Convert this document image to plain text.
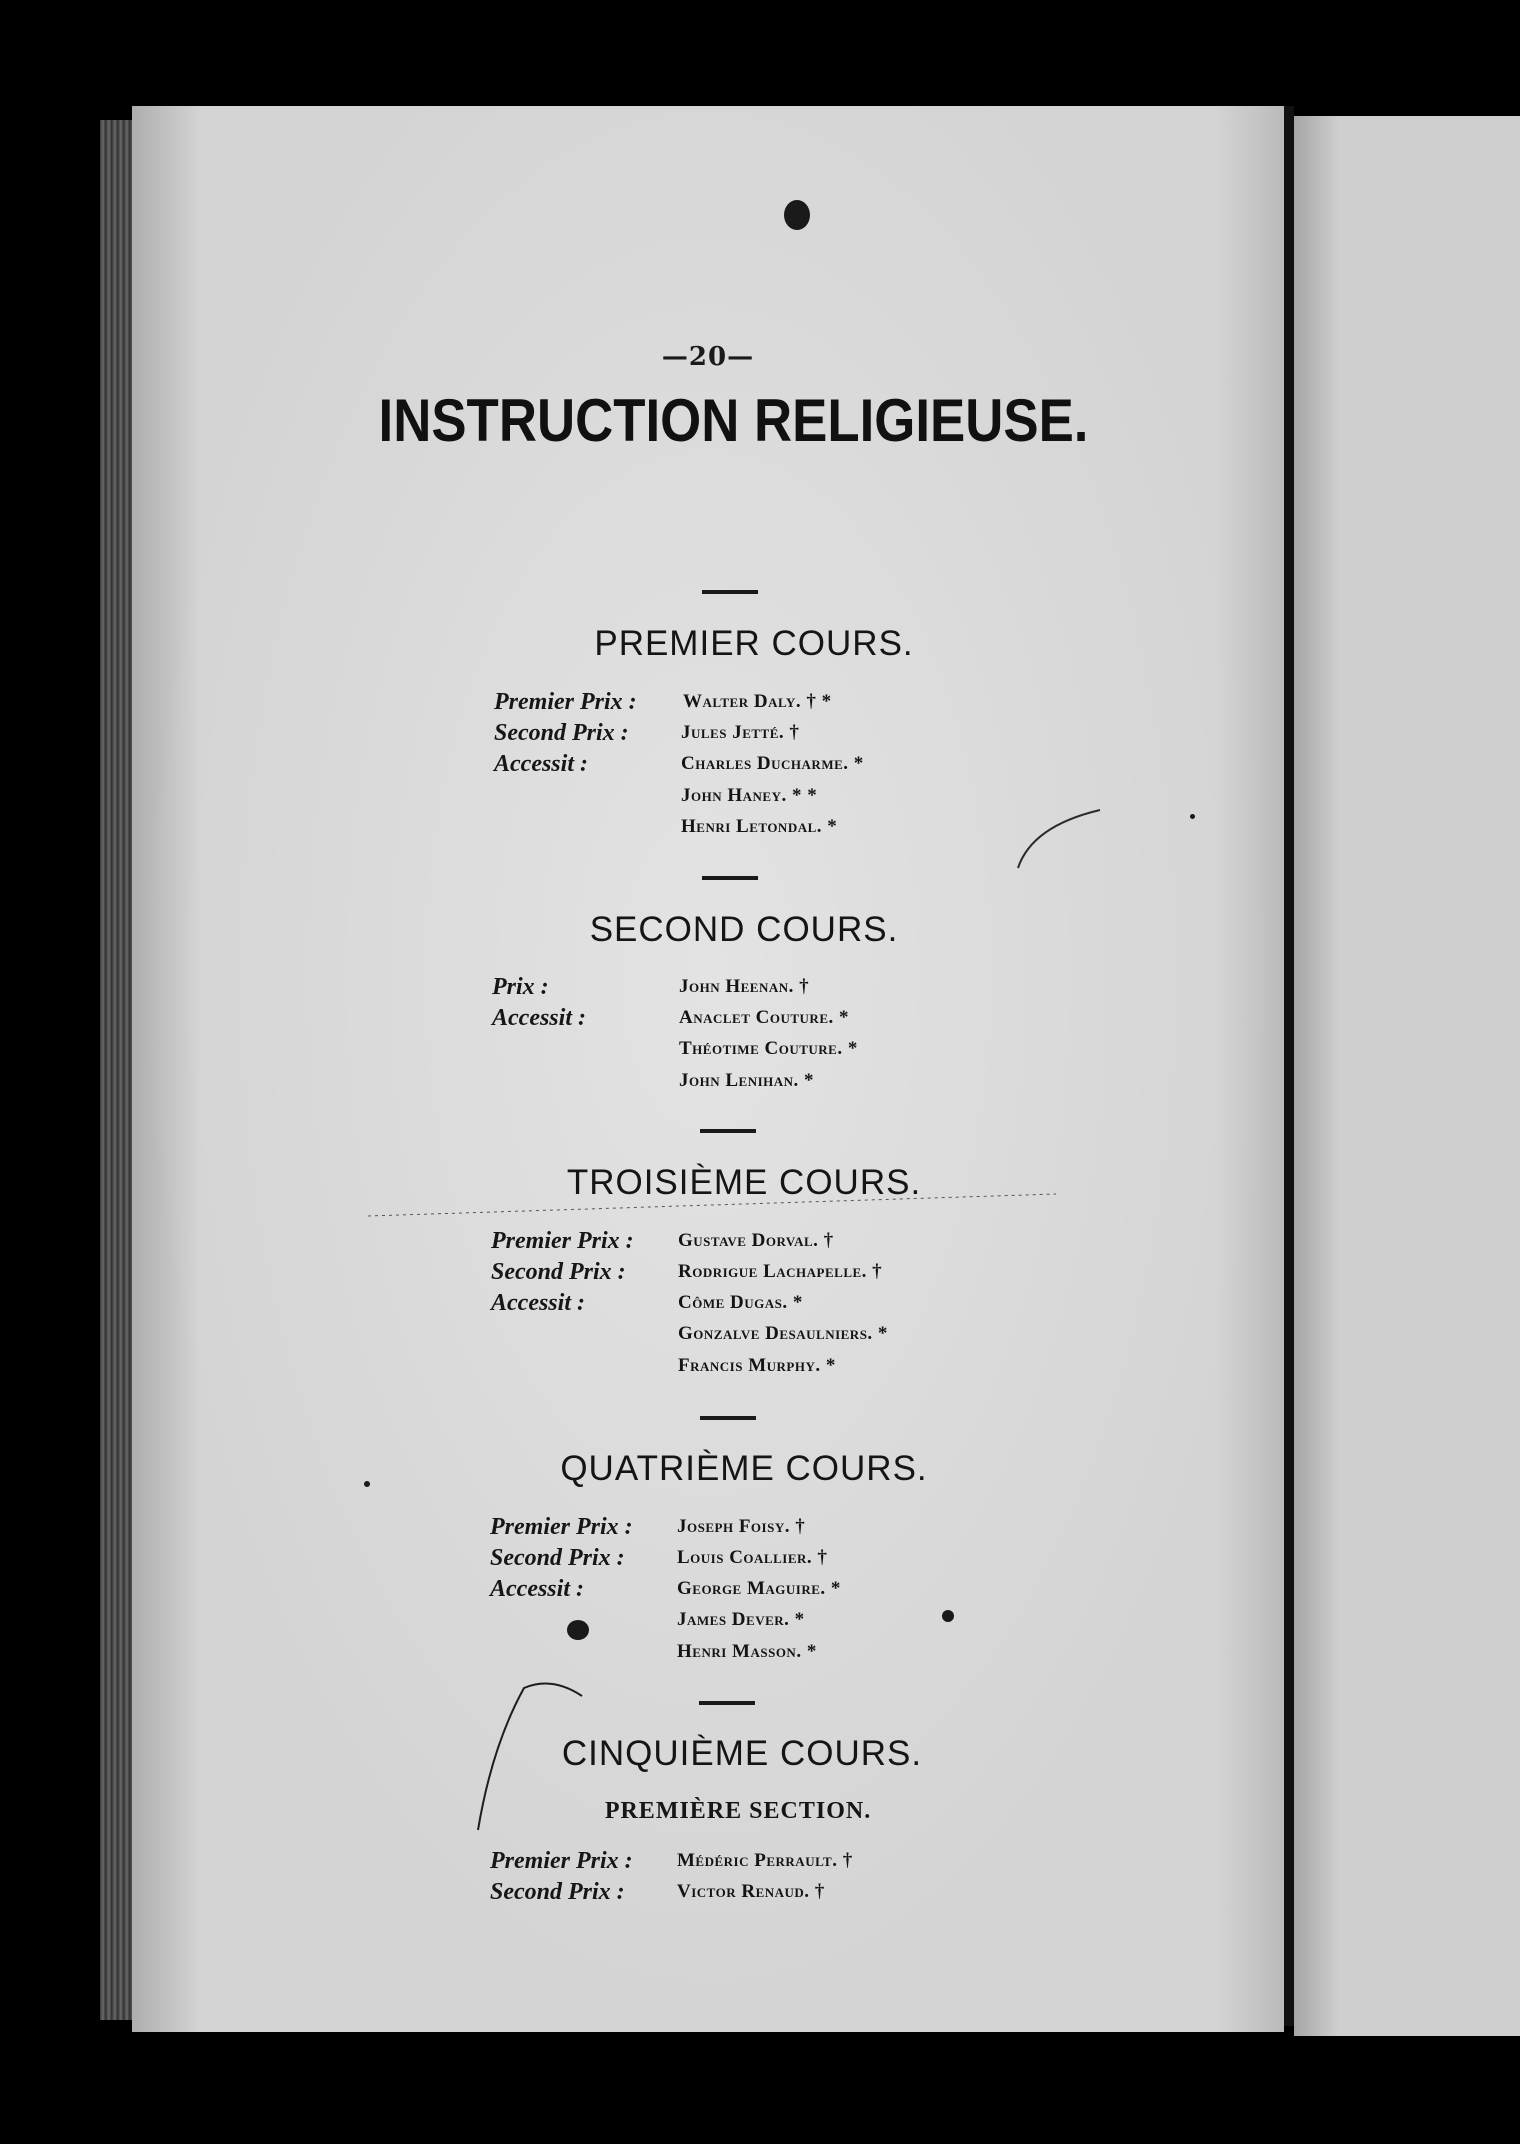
—20—
INSTRUCTION RELIGIEUSE.
PREMIER COURS.
Premier Prix : Walter Daly. † *
Second Prix :	Jules Jetté. †
Accessit :	Charles Ducharme. *
John Haney. * *
Henri Letondal. *
SECOND COURS.
Prix :	John Heenan. †
Accessit :	Anaclet Couture. *
Théotime Couture. *
John Lenihan. *
TROISIÈME COURS.
Premier Prix : Gustave Dorval. †
Second Prix :	Rodrigue Lachapelle. †
Accessit :	Côme Dugas. *
Gonzalve Desaulniers. *
Francis Murphy. *
QUATRIÈME COURS.
Premier Prix : Joseph Foisy. †
Second Prix :	Louis Coallier. †
Accessit :	George Maguire. *
James Dever. *
Henri Masson. *
CINQUIÈME COURS.
PREMIÈRE SECTION.
Premier Prix : Médéric Perrault. †
Second Prix :	Victor Renaud. †
